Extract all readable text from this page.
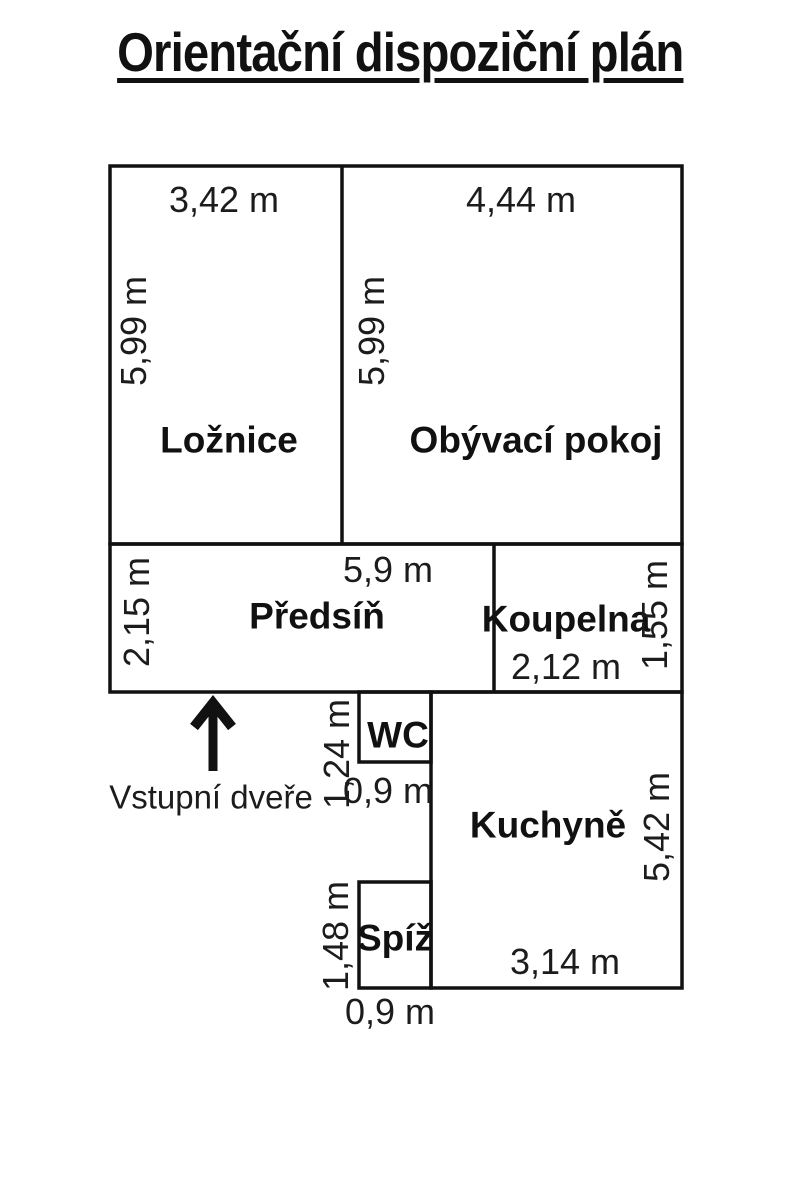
Orientační dispoziční plán
3,42 m
5,99 m
Ložnice
4,44 m
5,99 m
Obývací pokoj
5,9 m
2,15 m Předsíň	Koupelna
2,12 m 1,55 m
WC
1,24 m
0,9 m
Kuchyně 5,42 m
3,14 m
Spíž
1,48 m
0,9 m
Vstupní dveře
